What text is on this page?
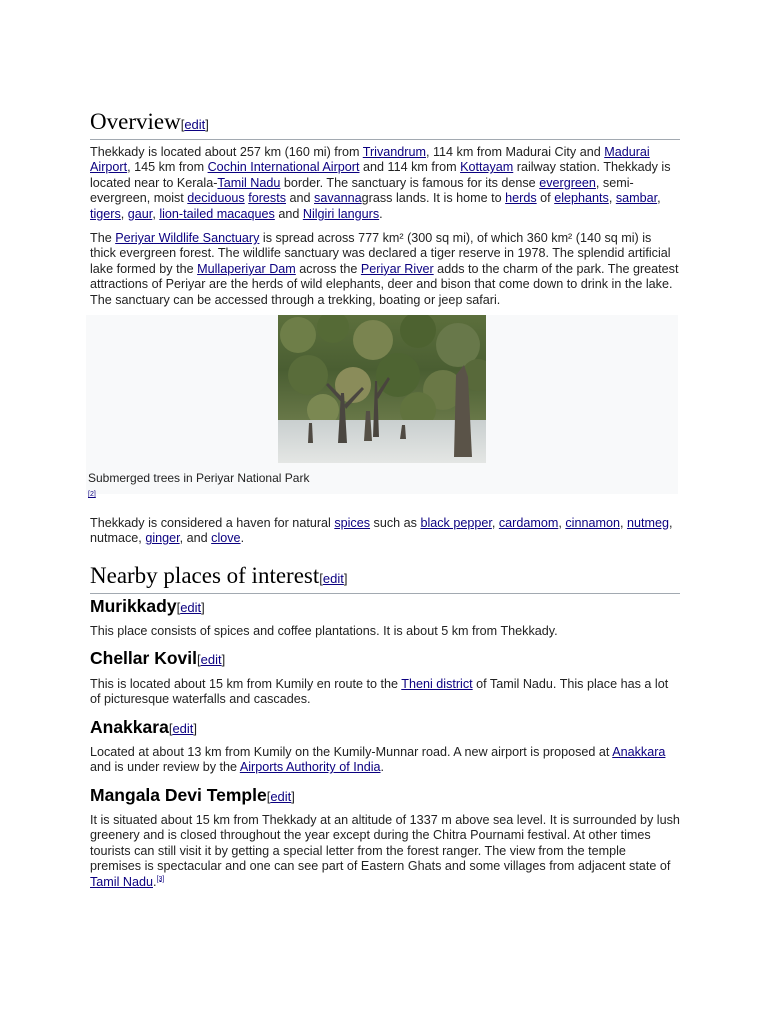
Overview[edit]

Thekkady is located about 257 km (160 mi) from Trivandrum, 114 km from Madurai City and Madurai Airport, 145 km from Cochin International Airport and 114 km from Kottayam railway station. Thekkady is located near to Kerala-Tamil Nadu border. The sanctuary is famous for its dense evergreen, semi-evergreen, moist deciduous forests and savannagrass lands. It is home to herds of elephants, sambar, tigers, gaur, lion-tailed macaques and Nilgiri langurs.

The Periyar Wildlife Sanctuary is spread across 777 km² (300 sq mi), of which 360 km² (140 sq mi) is thick evergreen forest. The wildlife sanctuary was declared a tiger reserve in 1978. The splendid artificial lake formed by the Mullaperiyar Dam across the Periyar River adds to the charm of the park. The greatest attractions of Periyar are the herds of wild elephants, deer and bison that come down to drink in the lake. The sanctuary can be accessed through a trekking, boating or jeep safari.

Submerged trees in Periyar National Park
[2]

Thekkady is considered a haven for natural spices such as black pepper, cardamom, cinnamon, nutmeg, nutmace, ginger, and clove.

Nearby places of interest[edit]
Murikkady[edit]

This place consists of spices and coffee plantations. It is about 5 km from Thekkady.

Chellar Kovil[edit]

This is located about 15 km from Kumily en route to the Theni district of Tamil Nadu. This place has a lot of picturesque waterfalls and cascades.

Anakkara[edit]

Located at about 13 km from Kumily on the Kumily-Munnar road. A new airport is proposed at Anakkara and is under review by the Airports Authority of India.

Mangala Devi Temple[edit]

It is situated about 15 km from Thekkady at an altitude of 1337 m above sea level. It is surrounded by lush greenery and is closed throughout the year except during the Chitra Pournami festival. At other times tourists can still visit it by getting a special letter from the forest ranger. The view from the temple premises is spectacular and one can see part of Eastern Ghats and some villages from adjacent state of Tamil Nadu.[3]
